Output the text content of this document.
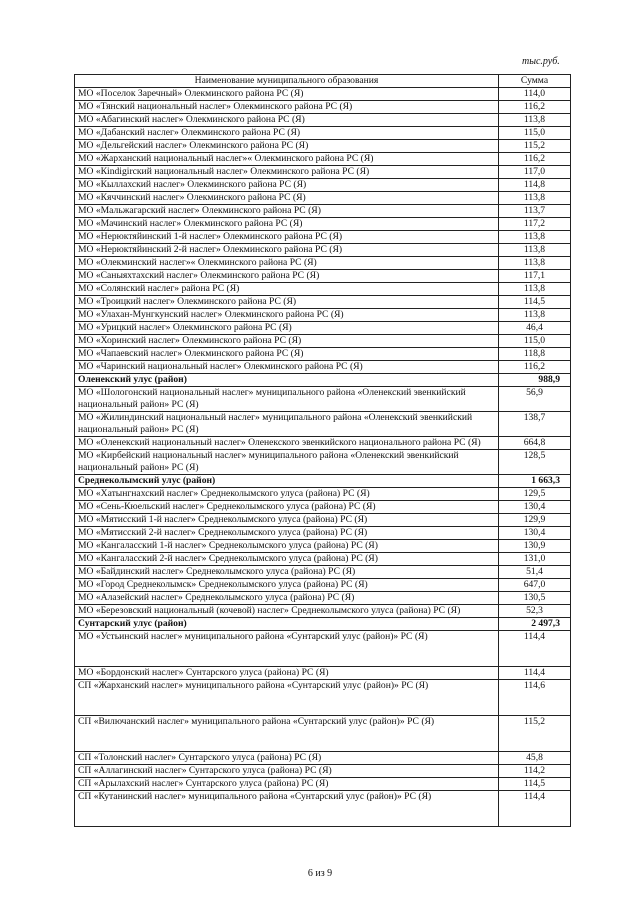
тыс.руб.
Наименование муниципального образования	Сумма
МО «Поселок Заречный» Олекминского района РС (Я)	114,0
МО «Тянский национальный наслег» Олекминского района РС (Я)	116,2
МО «Абагинский наслег» Олекминского района РС (Я)	113,8
МО «Дабанский наслег» Олекминского района РС (Я)	115,0
МО «Дельгейский наслег» Олекминского района РС (Я)	115,2
МО «Жарханский национальный наслег»« Олекминского района РС (Я)	116,2
МО «Кindigirский национальный наслег» Олекминского района РС (Я)	117,0
МО «Кыллахский наслег» Олекминского района РС (Я)	114,8
МО «Кяччинский наслег» Олекминского района РС (Я)	113,8
МО «Мальжагарский наслег» Олекминского района РС (Я)	113,7
МО «Мачинский наслег» Олекминского района РС (Я)	117,2
МО «Нерюктяйинский 1-й наслег» Олекминского района РС (Я)	113,8
МО «Нерюктяйинский 2-й наслег» Олекминского района РС (Я)	113,8
МО «Олекминский наслег»« Олекминского района РС (Я)	113,8
МО «Саныяхтахский наслег» Олекминского района РС (Я)	117,1
МО «Солянский наслег» района РС (Я)	113,8
МО «Троицкий наслег» Олекминского района РС (Я)	114,5
МО «Улахан-Мунгкунский наслег» Олекминского района РС (Я)	113,8
МО «Урицкий наслег» Олекминского района РС (Я)	46,4
МО «Хоринский наслег» Олекминского района РС (Я)	115,0
МО «Чапаевский наслег» Олекминского района РС (Я)	118,8
МО «Чаринский национальный наслег» Олекминского района РС (Я)	116,2
Оленекский улус (район)	988,9
МО «Шологонский национальный наслег» муниципального района «Оленекский эвенкийский национальный район» РС (Я)	56,9
МО «Жилиндинский национальный наслег» муниципального района «Оленекский эвенкийский национальный район» РС (Я)	138,7
МО «Оленекский национальный наслег» Оленекского эвенкийского национального района РС (Я)	664,8
МО «Кирбейский национальный наслег» муниципального района «Оленекский эвенкийский национальный район» РС (Я)	128,5
Среднеколымский улус (район)	1 663,3
МО «Хатынгнахский наслег» Среднеколымского улуса (района) РС (Я)	129,5
МО «Сень-Кюельский наслег» Среднеколымского улуса (района) РС (Я)	130,4
МО «Мятисский 1-й наслег» Среднеколымского улуса (района) РС (Я)	129,9
МО «Мятисский 2-й наслег» Среднеколымского улуса (района) РС (Я)	130,4
МО «Кангаласский 1-й наслег» Среднеколымского улуса (района) РС (Я)	130,9
МО «Кангаласский 2-й наслег» Среднеколымского улуса (района) РС (Я)	131,0
МО «Байдинский наслег» Среднеколымского улуса (района) РС (Я)	51,4
МО «Город Среднеколымск» Среднеколымского улуса (района) РС (Я)	647,0
МО «Алазейский наслег» Среднеколымского улуса (района) РС (Я)	130,5
МО «Березовский национальный (кочевой) наслег» Среднеколымского улуса (района) РС (Я)	52,3
Сунтарский улус (район)	2 497,3
МО «Устьинский наслег» муниципального района «Сунтарский улус (район)» РС (Я)	114,4
МО «Бордонский наслег» Сунтарского улуса (района) РС (Я)	114,4
СП «Жарханский наслег» муниципального района «Сунтарский улус (район)» РС (Я)	114,6
СП «Вилючанский наслег» муниципального района «Сунтарский улус (район)» РС (Я)	115,2
СП «Толонский наслег» Сунтарского улуса (района) РС (Я)	45,8
СП «Аллагинский наслег» Сунтарского улуса (района) РС (Я)	114,2
СП «Арылахский наслег» Сунтарского улуса (района) РС (Я)	114,5
СП «Кутанинский наслег» муниципального района «Сунтарский улус (район)» РС (Я)	114,4
6 из 9
